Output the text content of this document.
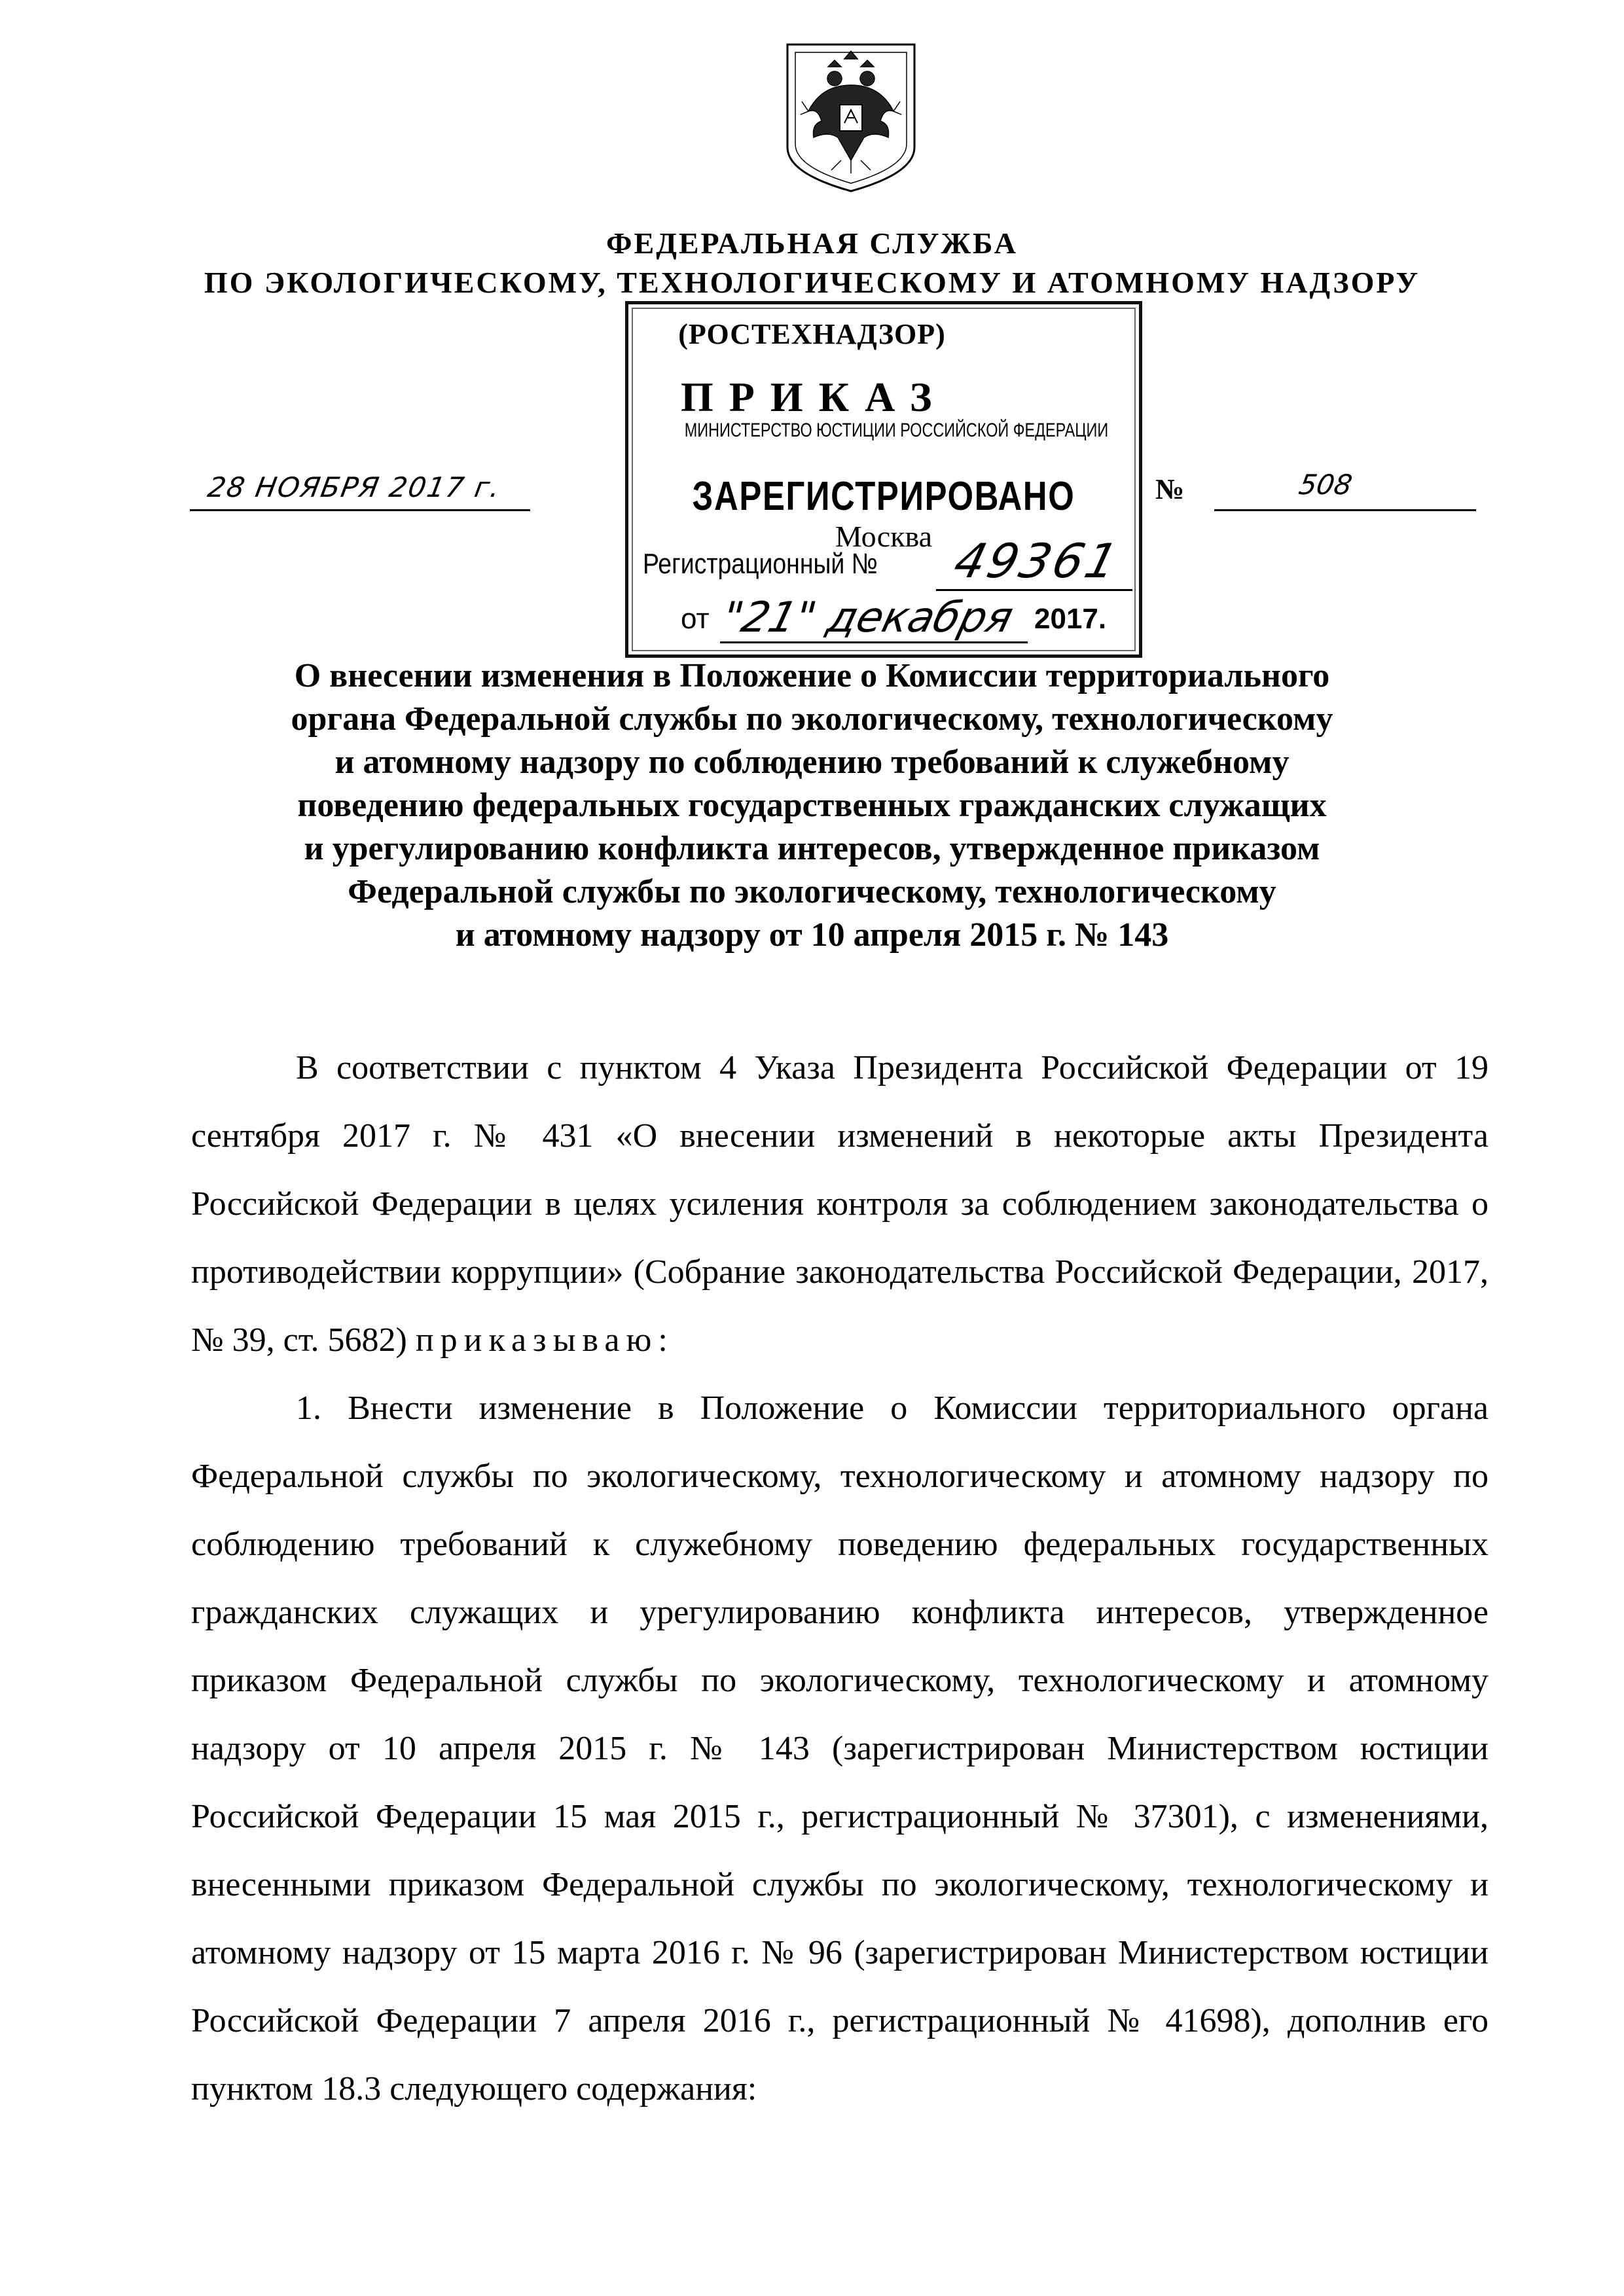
ФЕДЕРАЛЬНАЯ СЛУЖБА
ПО ЭКОЛОГИЧЕСКОМУ, ТЕХНОЛОГИЧЕСКОМУ И АТОМНОМУ НАДЗОРУ
(РОСТЕХНАДЗОР)
ПРИКАЗ
28 НОЯБРЯ 2017 г.	№	508
МИНИСТЕРСТВО ЮСТИЦИИ РОССИЙСКОЙ ФЕДЕРАЦИИ
ЗАРЕГИСТРИРОВАНО
Москва
Регистрационный № 49361
от "21" декабря 2017.
О внесении изменения в Положение о Комиссии территориального
органа Федеральной службы по экологическому, технологическому
и атомному надзору по соблюдению требований к служебному
поведению федеральных государственных гражданских служащих
и урегулированию конфликта интересов, утвержденное приказом
Федеральной службы по экологическому, технологическому
и атомному надзору от 10 апреля 2015 г. № 143

В соответствии с пунктом 4 Указа Президента Российской Федерации от 19 сентября 2017 г. № 431 «О внесении изменений в некоторые акты Президента Российской Федерации в целях усиления контроля за соблюдением законодательства о противодействии коррупции» (Собрание законодательства Российской Федерации, 2017, № 39, ст. 5682) приказываю:

1. Внести изменение в Положение о Комиссии территориального органа Федеральной службы по экологическому, технологическому и атомному надзору по соблюдению требований к служебному поведению федеральных государственных гражданских служащих и урегулированию конфликта интересов, утвержденное приказом Федеральной службы по экологическому, технологическому и атомному надзору от 10 апреля 2015 г. № 143 (зарегистрирован Министерством юстиции Российской Федерации 15 мая 2015 г., регистрационный № 37301), с изменениями, внесенными приказом Федеральной службы по экологическому, технологическому и атомному надзору от 15 марта 2016 г. № 96 (зарегистрирован Министерством юстиции Российской Федерации 7 апреля 2016 г., регистрационный № 41698), дополнив его пунктом 18.3 следующего содержания:
